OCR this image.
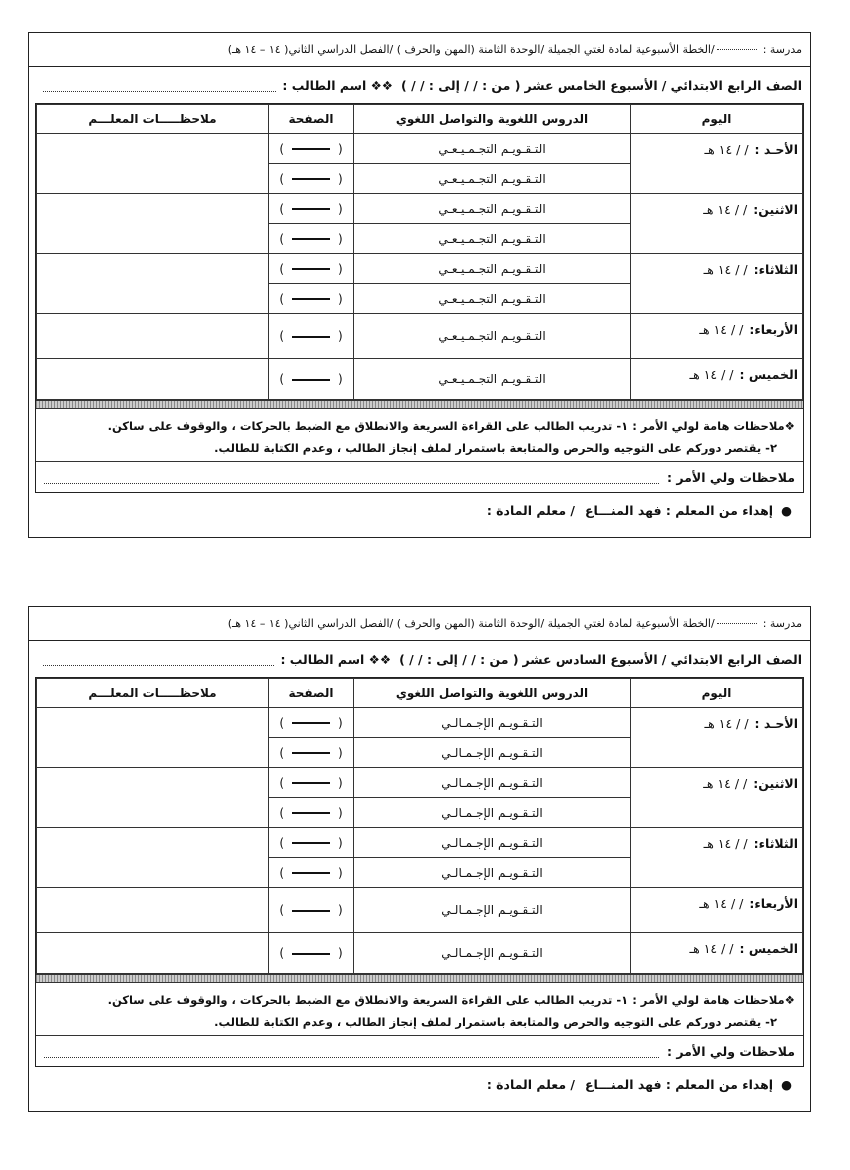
مدرسة :
/الخطة الأسبوعية لمادة لغتي الجميلة /الوحدة الثامنة (المهن والحرف ) /الفصل الدراسي الثاني( ١٤ – ١٤ هـ)
الصف الرابع الابتدائي /
الأسبوع الخامس عشر
( من : / / إلى : / / )
❖❖ اسم الطالب :
اليوم	الدروس اللغوية والتواصل اللغوي	الصفحة	ملاحظـــــات المعلـــم
الأحـد :/ / ١٤ هـ	التـقـويـم التجـمـيـعـي	()	
	التـقـويـم التجـمـيـعـي	()	
الاثنين:/ / ١٤ هـ	التـقـويـم التجـمـيـعـي	()	
	التـقـويـم التجـمـيـعـي	()	
الثلاثاء:/ / ١٤ هـ	التـقـويـم التجـمـيـعـي	()	
	التـقـويـم التجـمـيـعـي	()	
الأربعاء:/ / ١٤ هـ	التـقـويـم التجـمـيـعـي	()	
الخميس :/ / ١٤ هـ	التـقـويـم التجـمـيـعـي	()	
❖ملاحظات هامة لولي الأمر : ١- تدريب الطالب على القراءة السريعة والانطلاق مع الضبط بالحركات ، والوقوف على ساكن.
٢- يقتصر دوركم على التوجيه والحرص والمتابعة باستمرار لملف إنجاز الطالب ، وعدم الكتابة للطالب.
ملاحظات ولي الأمر :
●
إهداء من المعلم : فهد المنـــاع
/ معلم المادة :
مدرسة :
/الخطة الأسبوعية لمادة لغتي الجميلة /الوحدة الثامنة (المهن والحرف ) /الفصل الدراسي الثاني( ١٤ – ١٤ هـ)
الصف الرابع الابتدائي /
الأسبوع السادس عشر
( من : / / إلى : / / )
❖❖ اسم الطالب :
اليوم	الدروس اللغوية والتواصل اللغوي	الصفحة	ملاحظـــــات المعلـــم
الأحـد :/ / ١٤ هـ	التـقـويـم الإجـمـالـي	()	
	التـقـويـم الإجـمـالـي	()	
الاثنين:/ / ١٤ هـ	التـقـويـم الإجـمـالـي	()	
	التـقـويـم الإجـمـالـي	()	
الثلاثاء:/ / ١٤ هـ	التـقـويـم الإجـمـالـي	()	
	التـقـويـم الإجـمـالـي	()	
الأربعاء:/ / ١٤ هـ	التـقـويـم الإجـمـالـي	()	
الخميس :/ / ١٤ هـ	التـقـويـم الإجـمـالـي	()	
❖ملاحظات هامة لولي الأمر : ١- تدريب الطالب على القراءة السريعة والانطلاق مع الضبط بالحركات ، والوقوف على ساكن.
٢- يقتصر دوركم على التوجيه والحرص والمتابعة باستمرار لملف إنجاز الطالب ، وعدم الكتابة للطالب.
ملاحظات ولي الأمر :
●
إهداء من المعلم : فهد المنـــاع
/ معلم المادة :
